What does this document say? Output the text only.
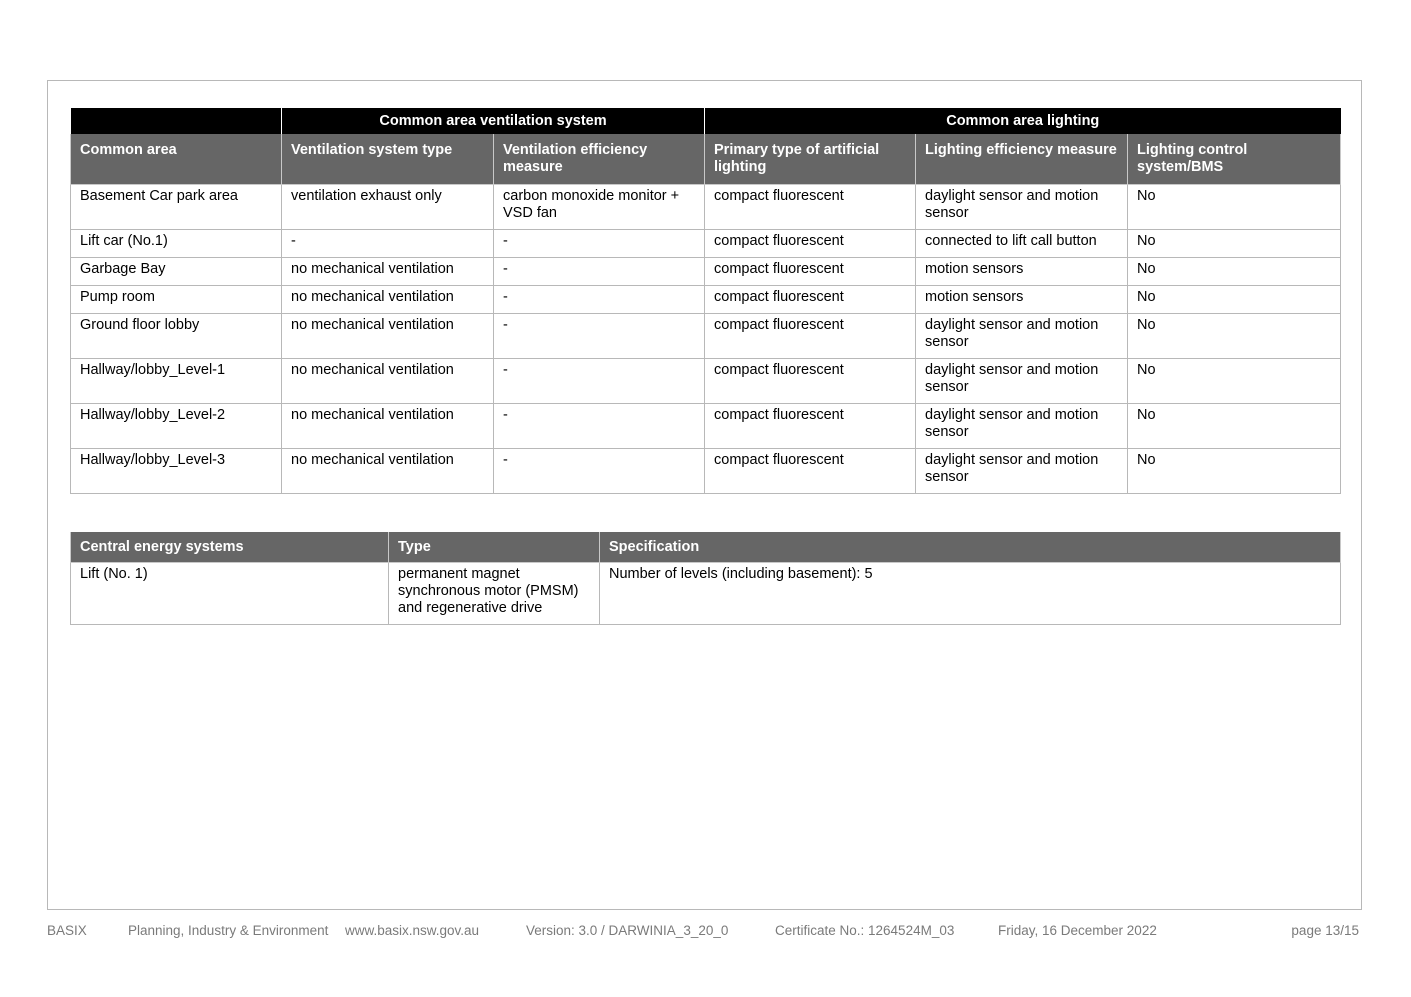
	Common area ventilation system		Common area lighting		
Common area	Ventilation system type	Ventilation efficiency measure	Primary type of artificial lighting	Lighting efficiency measure	Lighting control system/BMS
Basement Car park area	ventilation exhaust only	carbon monoxide monitor + VSD fan	compact fluorescent	daylight sensor and motion sensor	No
Lift car (No.1)	-	-	compact fluorescent	connected to lift call button	No
Garbage Bay	no mechanical ventilation	-	compact fluorescent	motion sensors	No
Pump room	no mechanical ventilation	-	compact fluorescent	motion sensors	No
Ground floor lobby	no mechanical ventilation	-	compact fluorescent	daylight sensor and motion sensor	No
Hallway/lobby_Level-1	no mechanical ventilation	-	compact fluorescent	daylight sensor and motion sensor	No
Hallway/lobby_Level-2	no mechanical ventilation	-	compact fluorescent	daylight sensor and motion sensor	No
Hallway/lobby_Level-3	no mechanical ventilation	-	compact fluorescent	daylight sensor and motion sensor	No
Central energy systems	Type	Specification
Lift (No. 1)	permanent magnet synchronous motor (PMSM) and regenerative drive	Number of levels (including basement): 5
BASIX	Planning, Industry & Environment www.basix.nsw.gov.au	Version: 3.0 / DARWINIA_3_20_0	Certificate No.: 1264524M_03	Friday, 16 December 2022	page 13/15
